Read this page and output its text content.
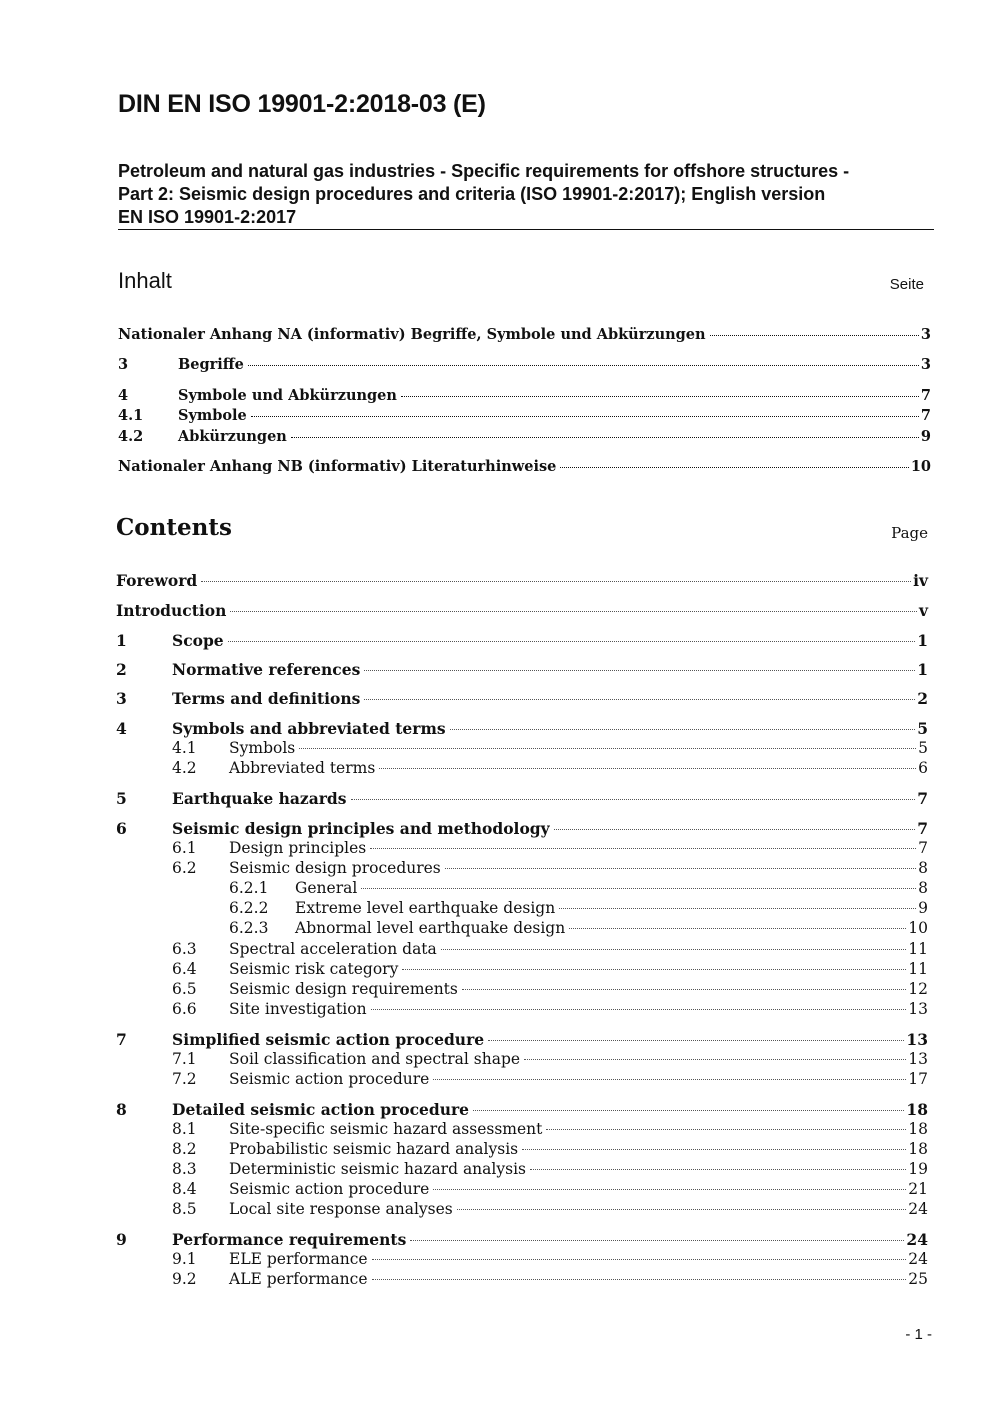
DIN EN ISO 19901-2:2018-03 (E)
Petroleum and natural gas industries - Specific requirements for offshore structures -
Part 2: Seismic design procedures and criteria (ISO 19901-2:2017); English version
EN ISO 19901-2:2017
Inhalt	Seite
Nationaler Anhang NA (informativ) Begriffe, Symbole und Abkürzungen	3
3	Begriffe	3
4	Symbole und Abkürzungen	7
4.1	Symbole	7
4.2	Abkürzungen	9
Nationaler Anhang NB (informativ) Literaturhinweise	10
Contents	Page
Foreword	iv
Introduction	v
1	Scope	1
2	Normative references	1
3	Terms and definitions	2
4	Symbols and abbreviated terms	5
4.1	Symbols	5
4.2	Abbreviated terms	6
5	Earthquake hazards	7
6	Seismic design principles and methodology	7
6.1	Design principles	7
6.2	Seismic design procedures	8
6.2.1	General	8
6.2.2	Extreme level earthquake design	9
6.2.3	Abnormal level earthquake design	10
6.3	Spectral acceleration data	11
6.4	Seismic risk category	11
6.5	Seismic design requirements	12
6.6	Site investigation	13
7	Simplified seismic action procedure	13
7.1	Soil classification and spectral shape	13
7.2	Seismic action procedure	17
8	Detailed seismic action procedure	18
8.1	Site-specific seismic hazard assessment	18
8.2	Probabilistic seismic hazard analysis	18
8.3	Deterministic seismic hazard analysis	19
8.4	Seismic action procedure	21
8.5	Local site response analyses	24
9	Performance requirements	24
9.1	ELE performance	24
9.2	ALE performance	25
- 1 -
